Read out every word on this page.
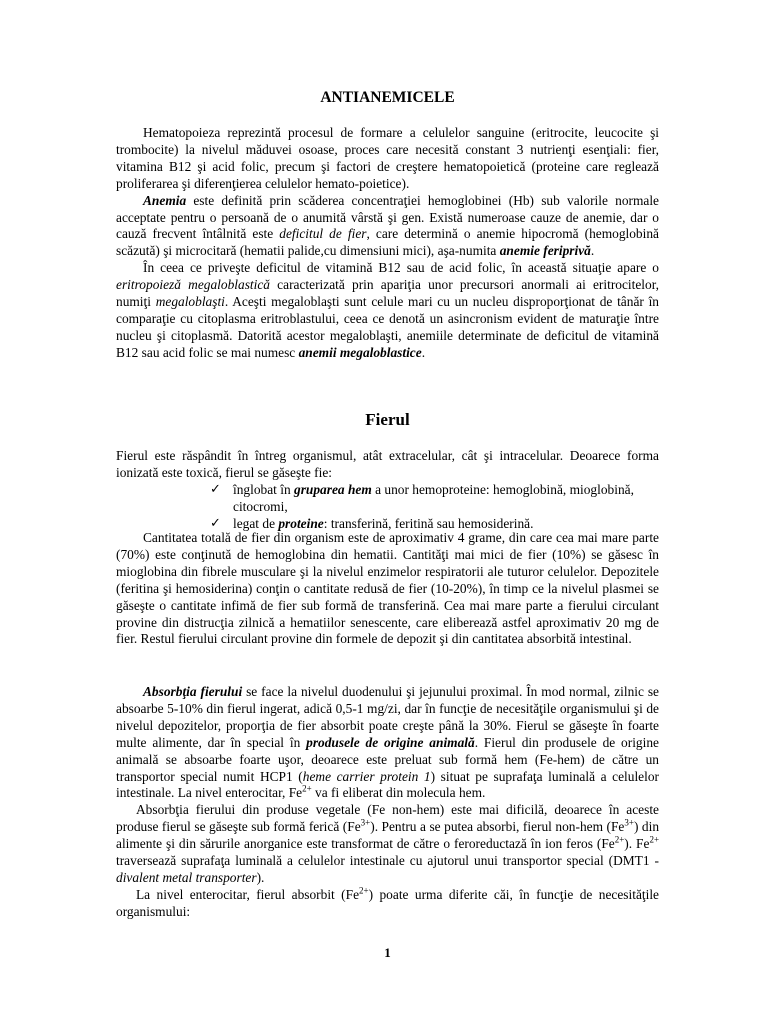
ANTIANEMICELE

Hematopoieza reprezintă procesul de formare a celulelor sanguine (eritrocite, leucocite şi trombocite) la nivelul măduvei osoase, proces care necesită constant 3 nutrienţi esenţiali: fier, vitamina B12 şi acid folic, precum şi factori de creştere hematopoietică (proteine care reglează proliferarea şi diferenţierea celulelor hemato-poietice).

Anemia este definită prin scăderea concentraţiei hemoglobinei (Hb) sub valorile normale acceptate pentru o persoană de o anumită vârstă şi gen. Există numeroase cauze de anemie, dar o cauză frecvent întâlnită este deficitul de fier, care determină o anemie hipocromă (hemoglobină scăzută) şi microcitară (hematii palide,cu dimensiuni mici), aşa-numita anemie feriprivă.

În ceea ce priveşte deficitul de vitamină B12 sau de acid folic, în această situaţie apare o eritropoieză megaloblastică caracterizată prin apariţia unor precursori anormali ai eritrocitelor, numiţi megaloblaşti. Aceşti megaloblaşti sunt celule mari cu un nucleu disproporţionat de tânăr în comparaţie cu citoplasma eritroblastului, ceea ce denotă un asincronism evident de maturaţie între nucleu şi citoplasmă. Datorită acestor megaloblaşti, anemiile determinate de deficitul de vitamină B12 sau acid folic se mai numesc anemii megaloblastice.

Fierul

Fierul este răspândit în întreg organismul, atât extracelular, cât şi intracelular. Deoarece forma ionizată este toxică, fierul se găseşte fie:

✓ înglobat în gruparea hem a unor hemoproteine: hemoglobină, mioglobină, citocromi,
✓ legat de proteine: transferină, feritină sau hemosiderină.

Cantitatea totală de fier din organism este de aproximativ 4 grame, din care cea mai mare parte (70%) este conţinută de hemoglobina din hematii. Cantităţi mai mici de fier (10%) se găsesc în mioglobina din fibrele musculare şi la nivelul enzimelor respiratorii ale tuturor celulelor. Depozitele (feritina şi hemosiderina) conţin o cantitate redusă de fier (10-20%), în timp ce la nivelul plasmei se găseşte o cantitate infimă de fier sub formă de transferină. Cea mai mare parte a fierului circulant provine din distrucţia zilnică a hematiilor senescente, care eliberează astfel aproximativ 20 mg de fier. Restul fierului circulant provine din formele de depozit şi din cantitatea absorbită intestinal.

Absorbţia fierului se face la nivelul duodenului şi jejunului proximal. În mod normal, zilnic se absoarbe 5-10% din fierul ingerat, adică 0,5-1 mg/zi, dar în funcţie de necesităţile organismului şi de nivelul depozitelor, proporţia de fier absorbit poate creşte până la 30%. Fierul se găseşte în foarte multe alimente, dar în special în produsele de origine animală. Fierul din produsele de origine animală se absoarbe foarte uşor, deoarece este preluat sub formă hem (Fe-hem) de către un transportor special numit HCP1 (heme carrier protein 1) situat pe suprafaţa luminală a celulelor intestinale. La nivel enterocitar, $Fe^{2+}$ va fi eliberat din molecula hem.

Absorbţia fierului din produse vegetale (Fe non-hem) este mai dificilă, deoarece în aceste produse fierul se găseşte sub formă ferică $(Fe^{3+})$. Pentru a se putea absorbi, fierul non-hem $(Fe^{3+})$ din alimente şi din sărurile anorganice este transformat de către o feroreductază în ion feros $(Fe^{2+})$. $Fe^{2+}$ traversează suprafaţa luminală a celulelor intestinale cu ajutorul unui transportor special (DMT1 - divalent metal transporter).

La nivel enterocitar, fierul absorbit $(Fe^{2+})$ poate urma diferite căi, în funcţie de necesităţile organismului:

1
